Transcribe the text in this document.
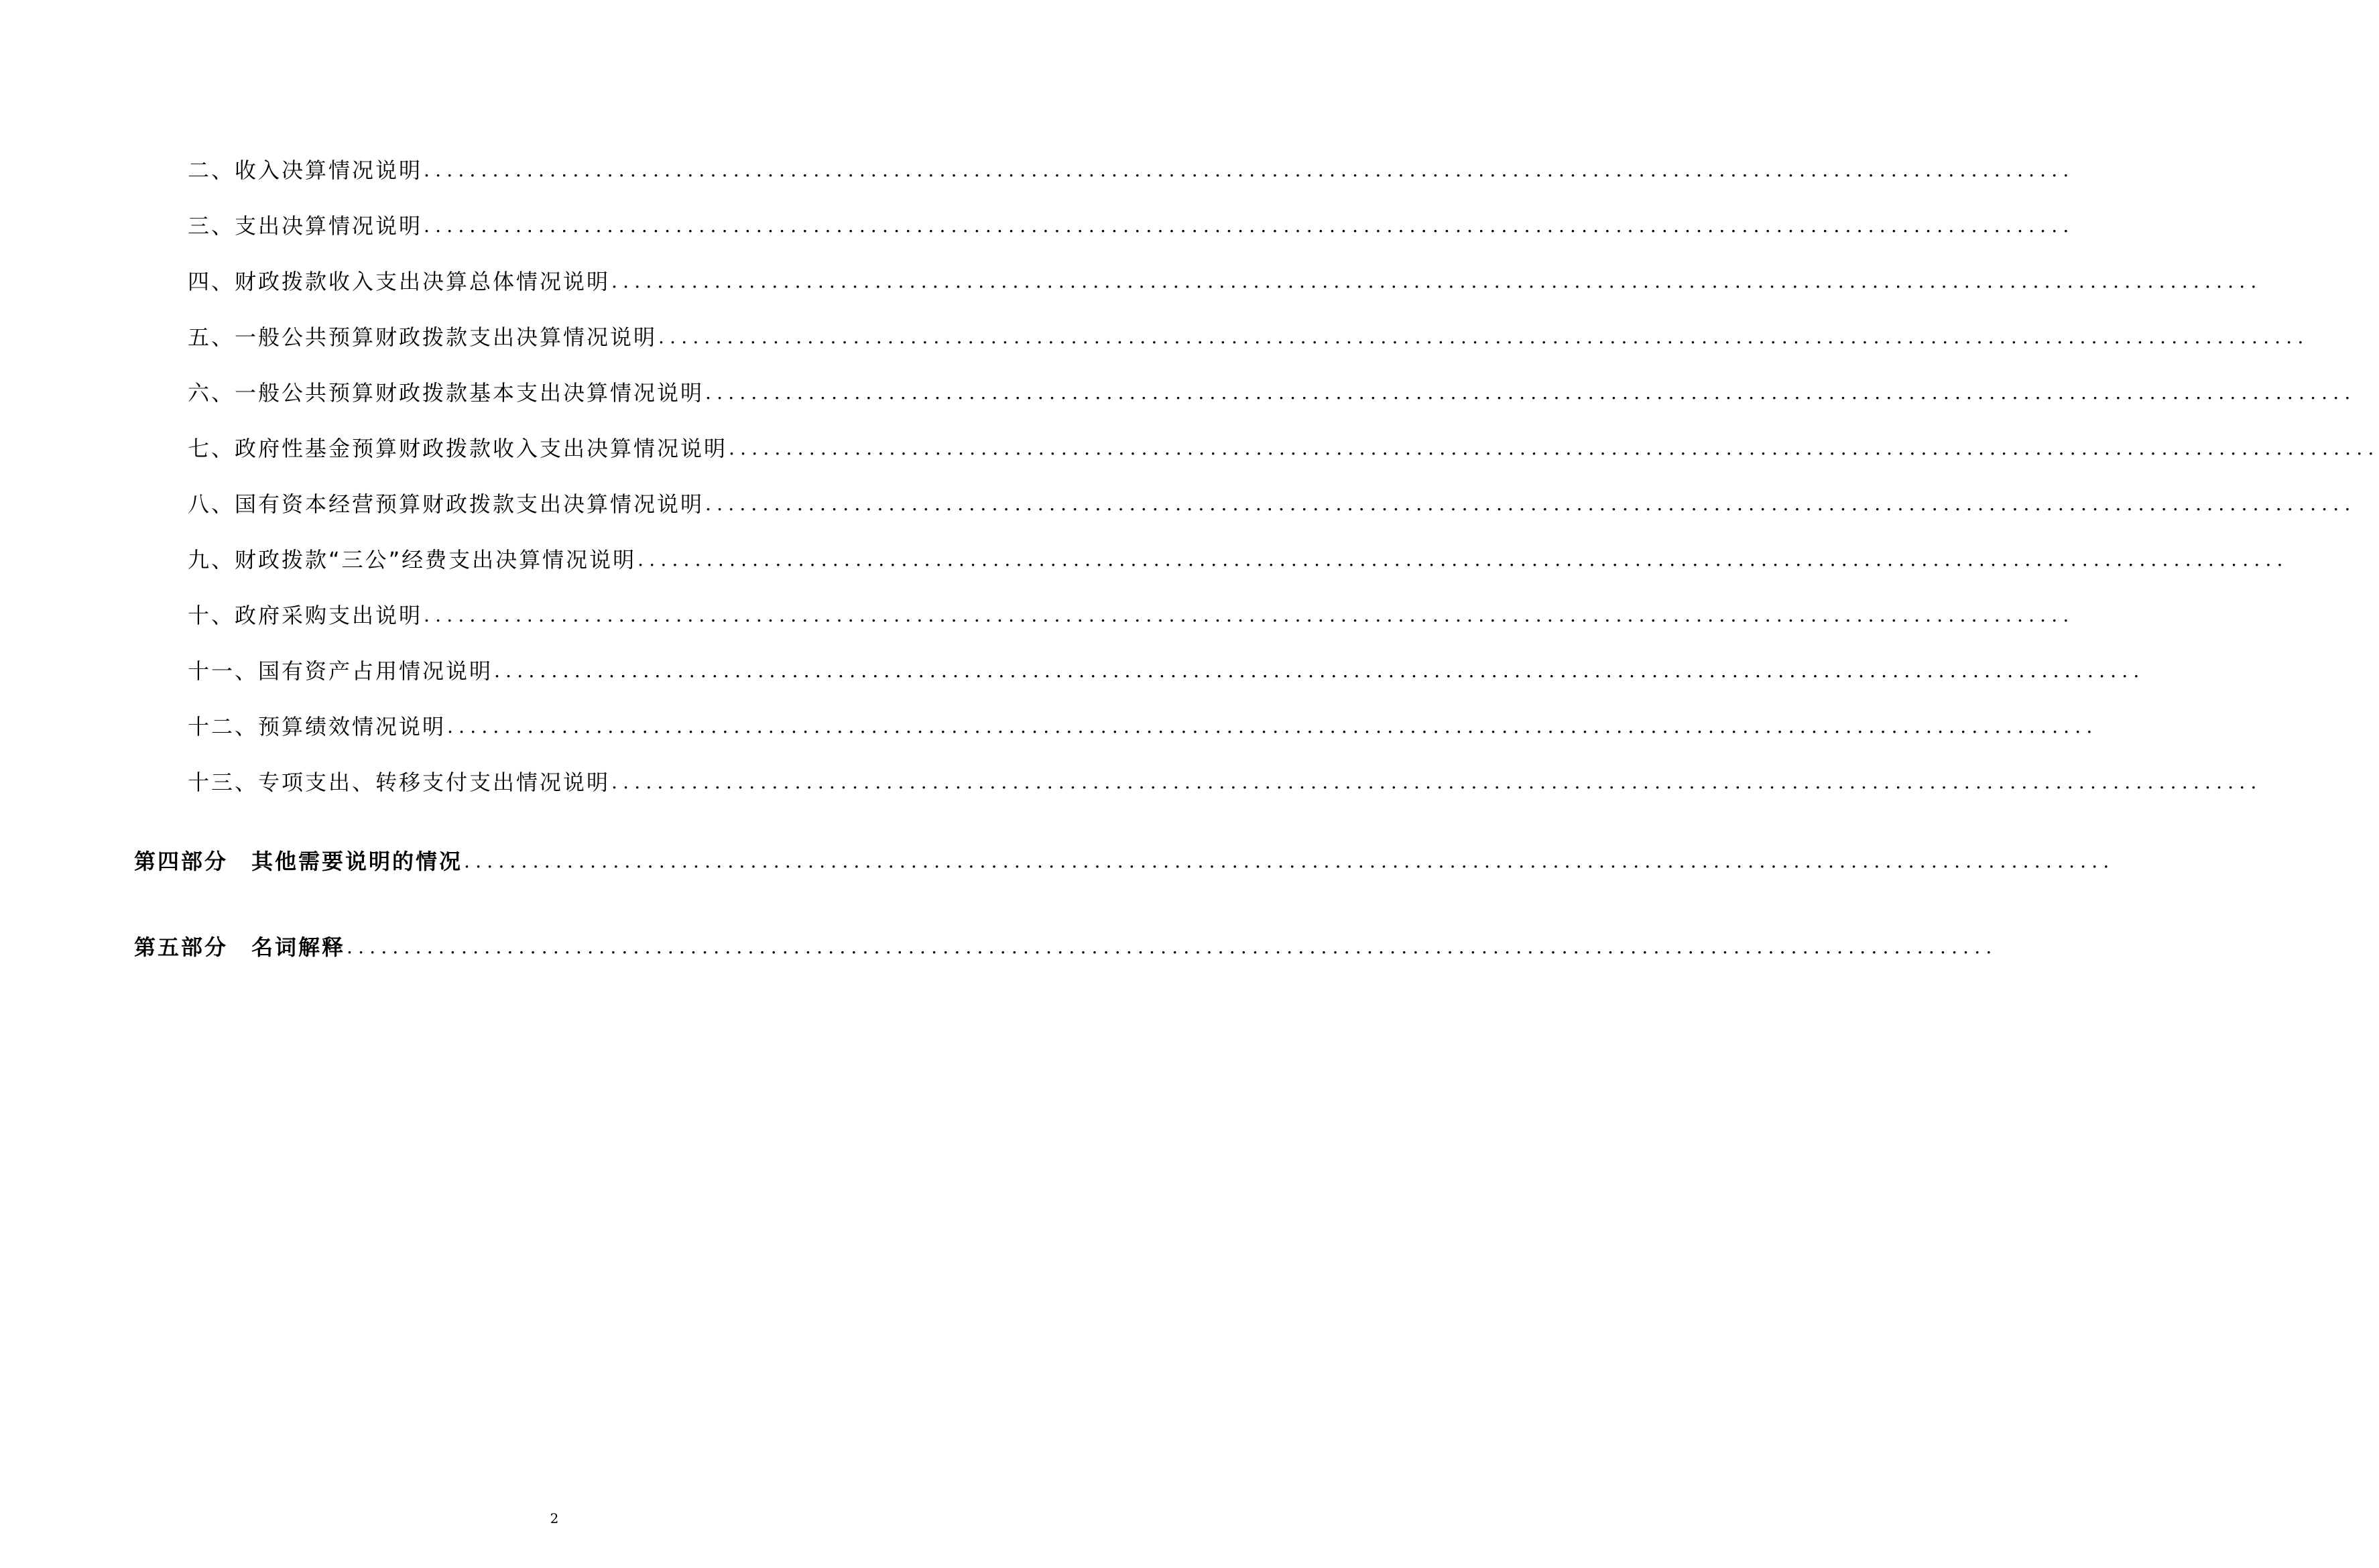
二、收入决算情况说明 ................................................................................................................................................
三、支出决算情况说明 ................................................................................................................................................
四、财政拨款收入支出决算总体情况说明 ................................................................................................................................................
五、一般公共预算财政拨款支出决算情况说明 ................................................................................................................................................
六、一般公共预算财政拨款基本支出决算情况说明 ................................................................................................................................................
七、政府性基金预算财政拨款收入支出决算情况说明 ................................................................................................................................................
八、国有资本经营预算财政拨款支出决算情况说明 ................................................................................................................................................
九、财政拨款“三公”经费支出决算情况说明 ................................................................................................................................................
十、政府采购支出说明 ................................................................................................................................................
十一、国有资产占用情况说明 ................................................................................................................................................
十二、预算绩效情况说明 ................................................................................................................................................
十三、专项支出、转移支付支出情况说明 ................................................................................................................................................
第四部分　其他需要说明的情况 ................................................................................................................................................
第五部分　名词解释 ................................................................................................................................................
2
